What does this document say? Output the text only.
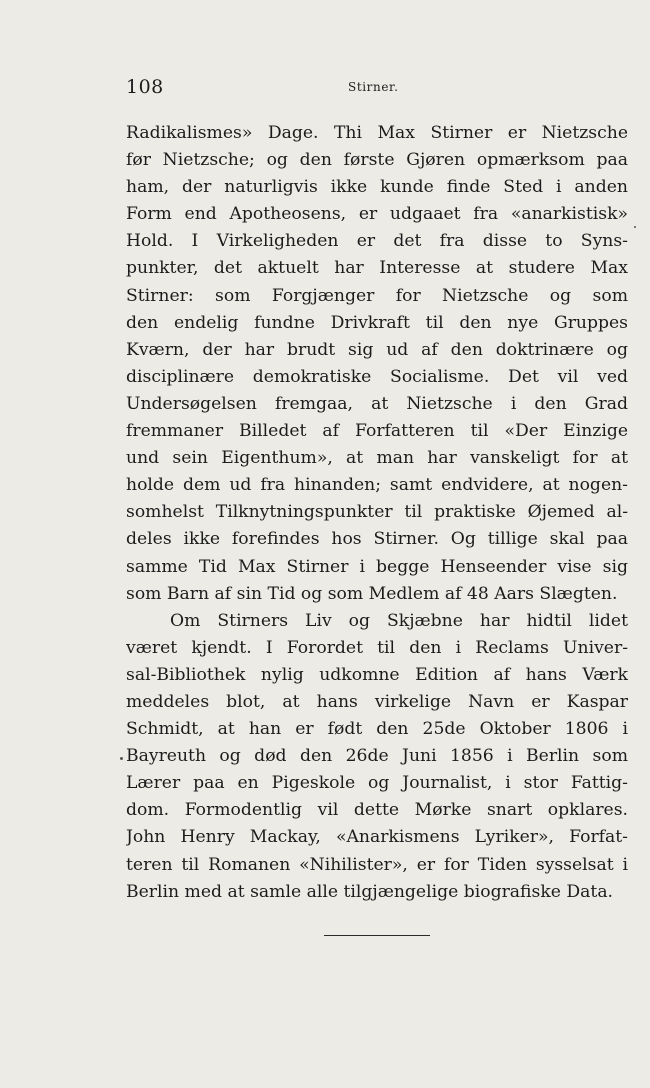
108	Stirner.
Radikalismes» Dage. Thi Max Stirner er Nietzsche
før Nietzsche; og den første Gjøren opmærksom paa
ham, der naturligvis ikke kunde finde Sted i anden
Form end Apotheosens, er udgaaet fra «anarkistisk»
Hold. I Virkeligheden er det fra disse to Syns-
punkter, det aktuelt har Interesse at studere Max
Stirner: som Forgjænger for Nietzsche og som
den endelig fundne Drivkraft til den nye Gruppes
Kværn, der har brudt sig ud af den doktrinære og
disciplinære demokratiske Socialisme. Det vil ved
Undersøgelsen fremgaa, at Nietzsche i den Grad
fremmaner Billedet af Forfatteren til «Der Einzige
und sein Eigenthum», at man har vanskeligt for at
holde dem ud fra hinanden; samt endvidere, at nogen-
somhelst Tilknytningspunkter til praktiske Øjemed al-
deles ikke forefindes hos Stirner. Og tillige skal paa
samme Tid Max Stirner i begge Henseender vise sig
som Barn af sin Tid og som Medlem af 48 Aars Slægten.
Om Stirners Liv og Skjæbne har hidtil lidet
været kjendt. I Forordet til den i Reclams Univer-
sal-Bibliothek nylig udkomne Edition af hans Værk
meddeles blot, at hans virkelige Navn er Kaspar
Schmidt, at han er født den 25de Oktober 1806 i
Bayreuth og død den 26de Juni 1856 i Berlin som
Lærer paa en Pigeskole og Journalist, i stor Fattig-
dom. Formodentlig vil dette Mørke snart opklares.
John Henry Mackay, «Anarkismens Lyriker», Forfat-
teren til Romanen «Nihilister», er for Tiden sysselsat i
Berlin med at samle alle tilgjængelige biografiske Data.
